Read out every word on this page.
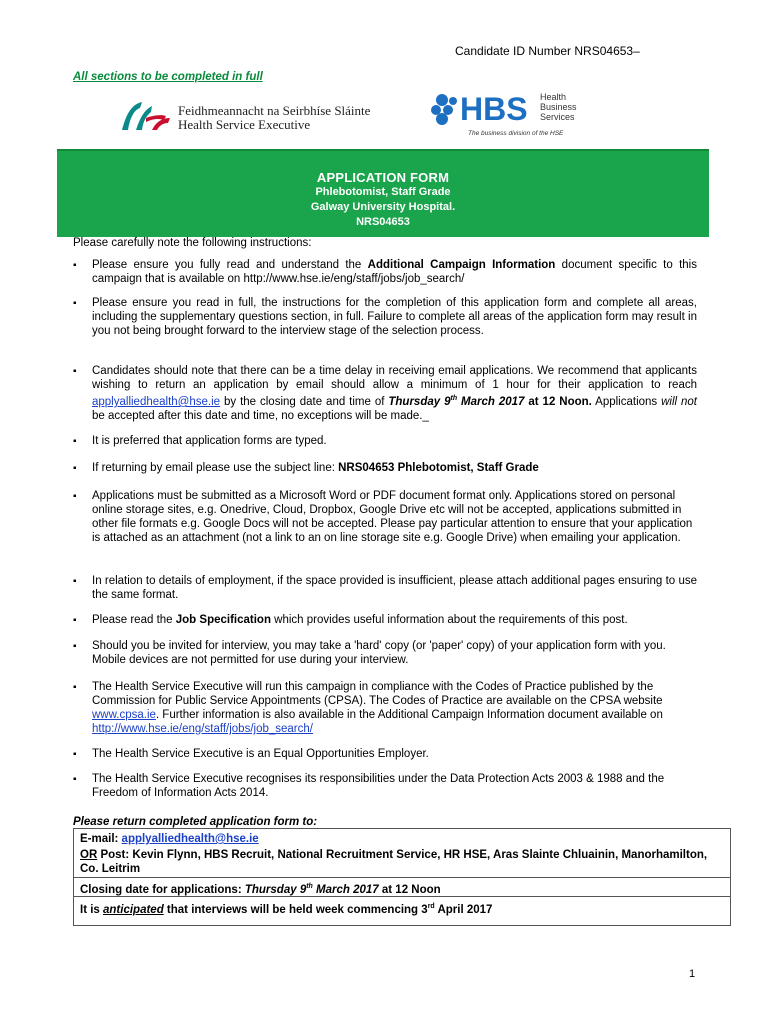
Candidate ID Number NRS04653–
All sections to be completed in full
Feidhmeannacht na Seirbhíse Sláinte
Health Service Executive	HBS Health
Business
Services
The business division of the HSE
APPLICATION FORM
Phlebotomist, Staff Grade
Galway University Hospital.
NRS04653
Please carefully note the following instructions:
▪ Please ensure you fully read and understand the Additional Campaign Information document specific to this campaign that is available on http://www.hse.ie/eng/staff/jobs/job_search/
▪ Please ensure you read in full, the instructions for the completion of this application form and complete all areas, including the supplementary questions section, in full. Failure to complete all areas of the application form may result in you not being brought forward to the interview stage of the selection process.
▪ Candidates should note that there can be a time delay in receiving email applications. We recommend that applicants wishing to return an application by email should allow a minimum of 1 hour for their application to reach applyalliedhealth@hse.ie by the closing date and time of Thursday 9th March 2017 at 12 Noon. Applications will not be accepted after this date and time, no exceptions will be made._
▪ It is preferred that application forms are typed.
▪ If returning by email please use the subject line: NRS04653 Phlebotomist, Staff Grade
▪ Applications must be submitted as a Microsoft Word or PDF document format only. Applications stored on personal online storage sites, e.g. Onedrive, Cloud, Dropbox, Google Drive etc will not be accepted, applications submitted in other file formats e.g. Google Docs will not be accepted. Please pay particular attention to ensure that your application is attached as an attachment (not a link to an on line storage site e.g. Google Drive) when emailing your application.
▪ In relation to details of employment, if the space provided is insufficient, please attach additional pages ensuring to use the same format.
▪ Please read the Job Specification which provides useful information about the requirements of this post.
▪ Should you be invited for interview, you may take a 'hard' copy (or 'paper' copy) of your application form with you. Mobile devices are not permitted for use during your interview.
▪ The Health Service Executive will run this campaign in compliance with the Codes of Practice published by the Commission for Public Service Appointments (CPSA). The Codes of Practice are available on the CPSA website www.cpsa.ie. Further information is also available in the Additional Campaign Information document available on http://www.hse.ie/eng/staff/jobs/job_search/
▪ The Health Service Executive is an Equal Opportunities Employer.
▪ The Health Service Executive recognises its responsibilities under the Data Protection Acts 2003 & 1988 and the Freedom of Information Acts 2014.
Please return completed application form to:
E-mail: applyalliedhealth@hse.ie
OR Post: Kevin Flynn, HBS Recruit, National Recruitment Service, HR HSE, Aras Slainte Chluainin, Manorhamilton, Co. Leitrim
Closing date for applications: Thursday 9th March 2017 at 12 Noon
It is anticipated that interviews will be held week commencing 3rd April 2017
1
